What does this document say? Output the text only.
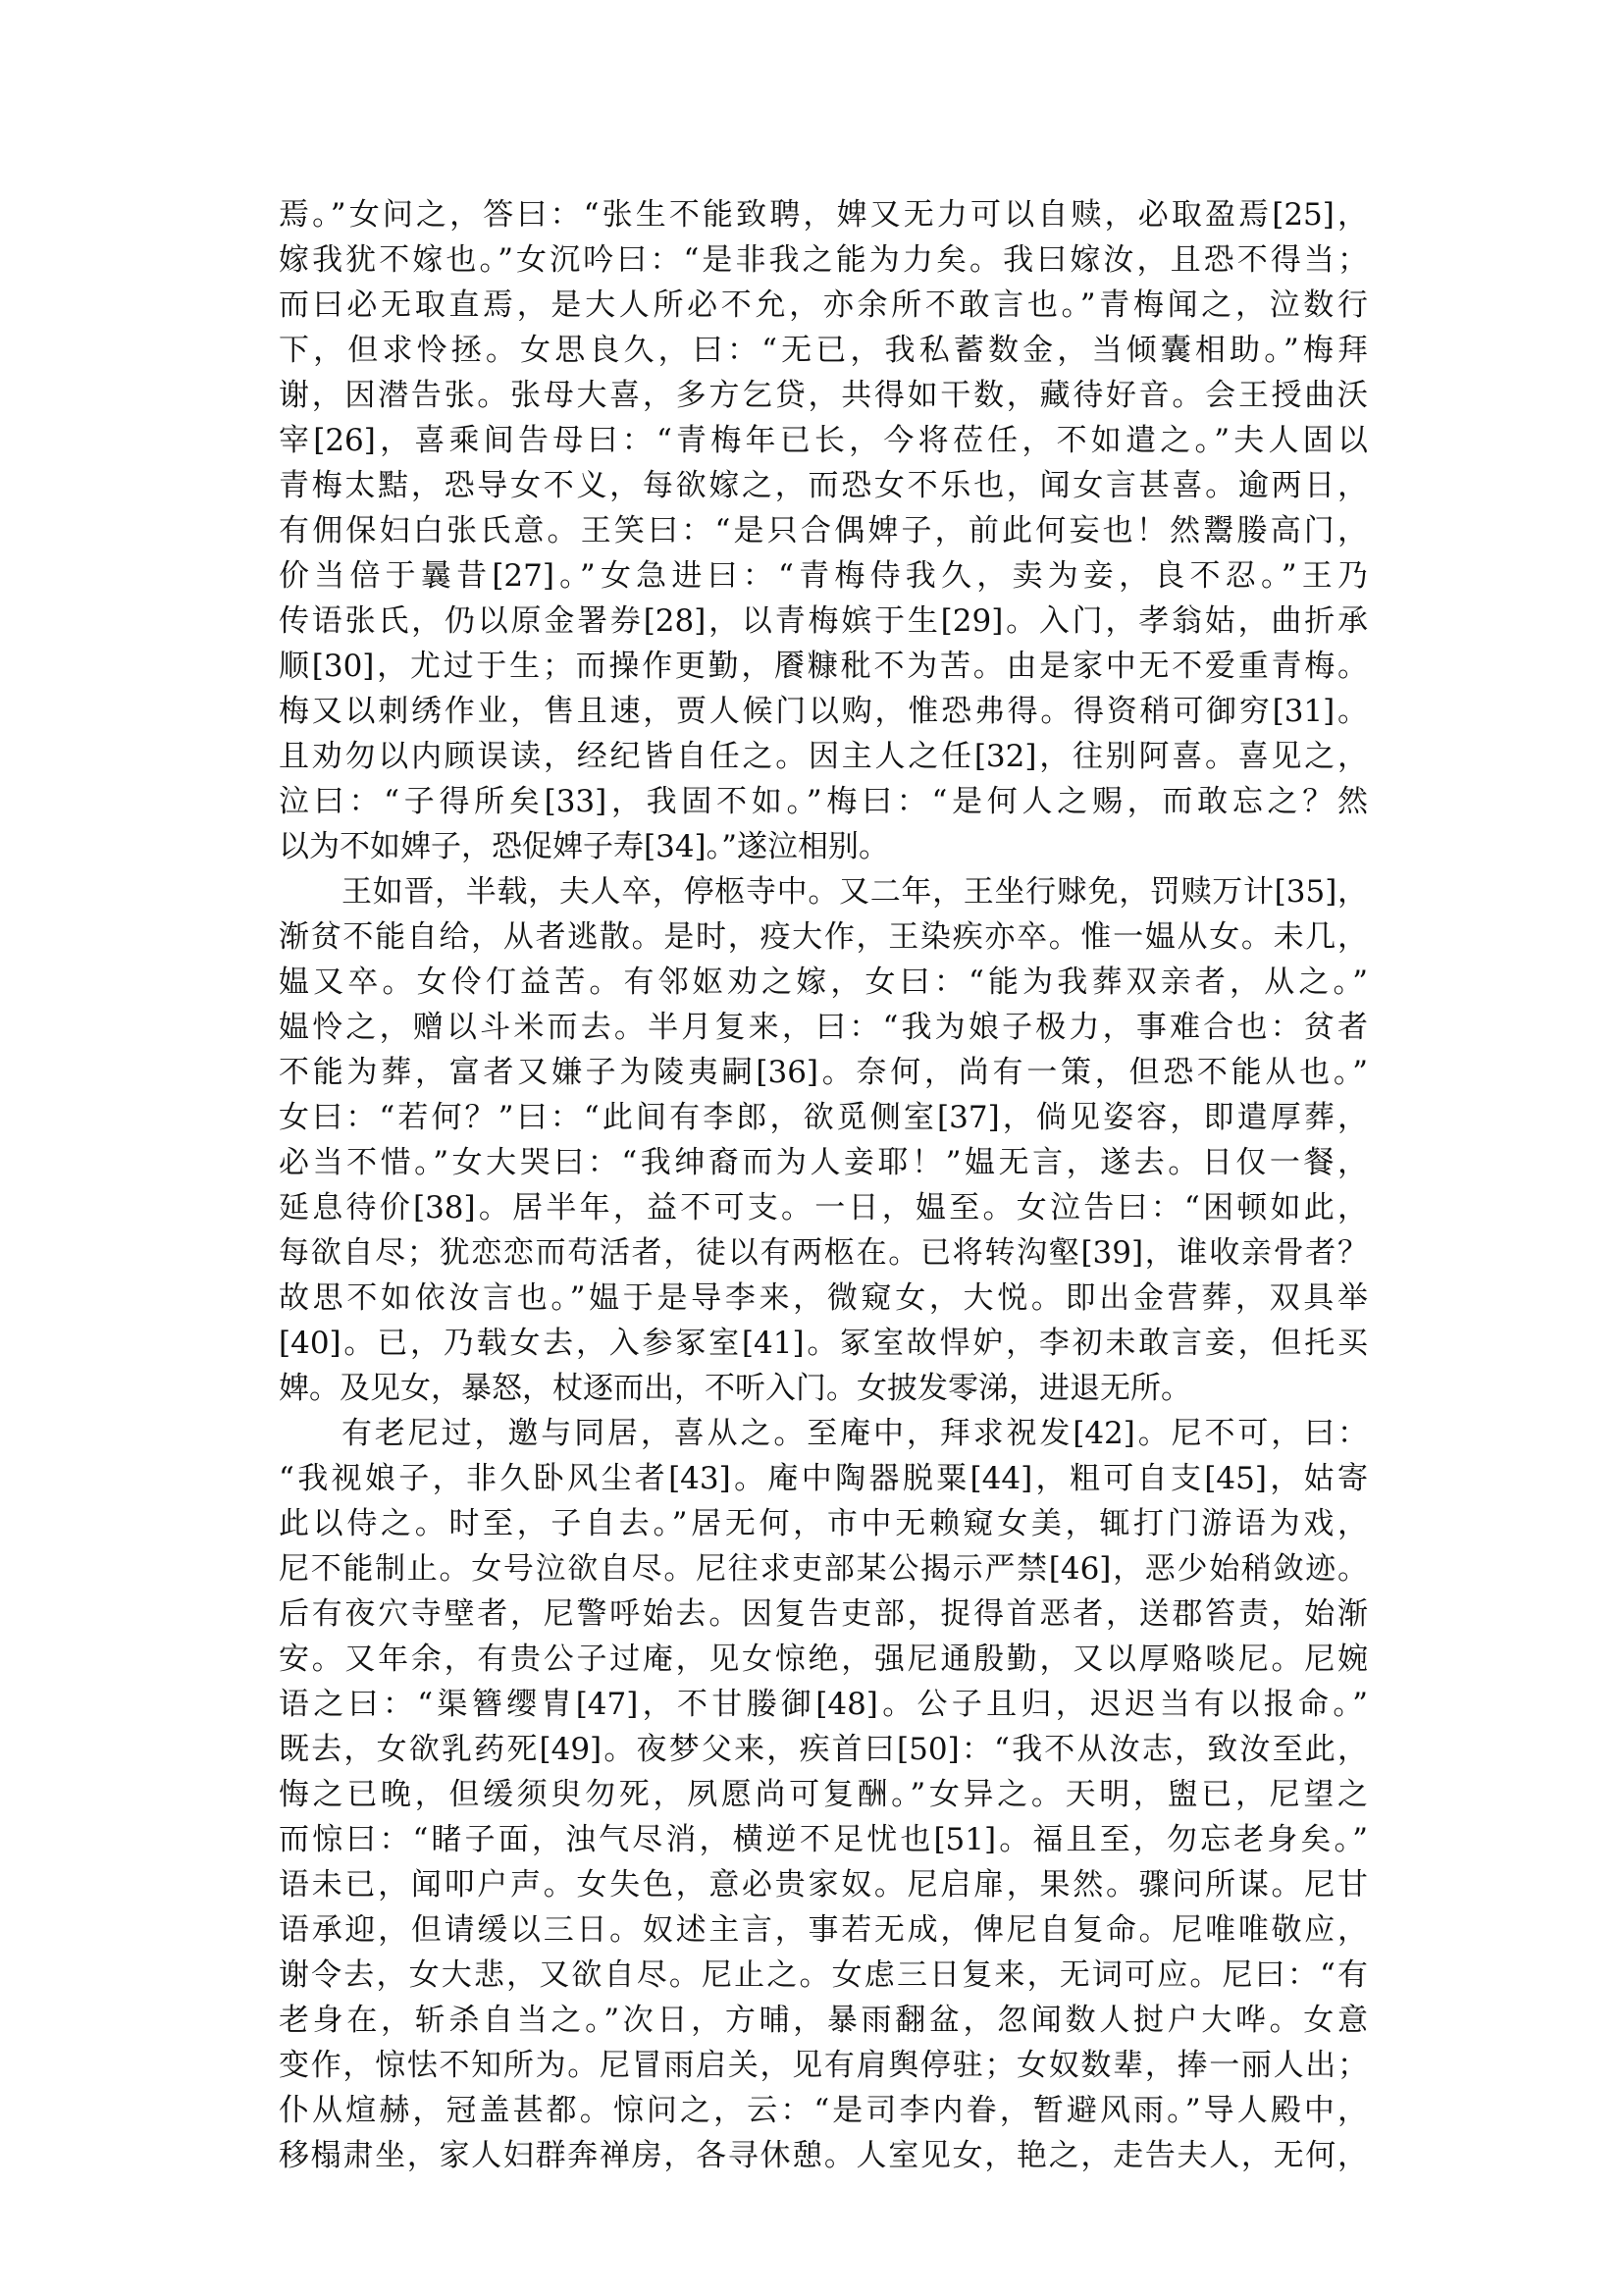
焉。”女问之，答曰：“张生不能致聘，婢又无力可以自赎，必取盈焉[25]，
嫁我犹不嫁也。”女沉吟曰：“是非我之能为力矣。我曰嫁汝，且恐不得当；
而曰必无取直焉，是大人所必不允，亦余所不敢言也。”青梅闻之，泣数行
下，但求怜拯。女思良久，曰：“无已，我私蓄数金，当倾囊相助。”梅拜
谢，因潜告张。张母大喜，多方乞贷，共得如干数，藏待好音。会王授曲沃
宰[26]，喜乘间告母曰：“青梅年已长，今将莅任，不如遣之。”夫人固以
青梅太黠，恐导女不义，每欲嫁之，而恐女不乐也，闻女言甚喜。逾两日，
有佣保妇白张氏意。王笑曰：“是只合偶婢子，前此何妄也！然鬻媵高门，
价当倍于曩昔[27]。”女急进曰：“青梅侍我久，卖为妾，良不忍。”王乃
传语张氏，仍以原金署券[28]，以青梅嫔于生[29]。入门，孝翁姑，曲折承
顺[30]，尤过于生；而操作更勤，餍糠秕不为苦。由是家中无不爱重青梅。
梅又以刺绣作业，售且速，贾人候门以购，惟恐弗得。得资稍可御穷[31]。
且劝勿以内顾误读，经纪皆自任之。因主人之任[32]，往别阿喜。喜见之，
泣曰：“子得所矣[33]，我固不如。”梅曰：“是何人之赐，而敢忘之？然
以为不如婢子，恐促婢子寿[34]。”遂泣相别。
王如晋，半载，夫人卒，停柩寺中。又二年，王坐行赇免，罚赎万计[35]，
渐贫不能自给，从者逃散。是时，疫大作，王染疾亦卒。惟一媪从女。未几，
媪又卒。女伶仃益苦。有邻妪劝之嫁，女曰：“能为我葬双亲者，从之。”
媪怜之，赠以斗米而去。半月复来，曰：“我为娘子极力，事难合也：贫者
不能为葬，富者又嫌子为陵夷嗣[36]。奈何，尚有一策，但恐不能从也。”
女曰：“若何？”曰：“此间有李郎，欲觅侧室[37]，倘见姿容，即遣厚葬，
必当不惜。”女大哭曰：“我绅裔而为人妾耶！”媪无言，遂去。日仅一餐，
延息待价[38]。居半年，益不可支。一日，媪至。女泣告曰：“困顿如此，
每欲自尽；犹恋恋而苟活者，徒以有两柩在。已将转沟壑[39]，谁收亲骨者？
故思不如依汝言也。”媪于是导李来，微窥女，大悦。即出金营葬，双具举
[40]。已，乃载女去，入参冢室[41]。冢室故悍妒，李初未敢言妾，但托买
婢。及见女，暴怒，杖逐而出，不听入门。女披发零涕，进退无所。
有老尼过，邀与同居，喜从之。至庵中，拜求祝发[42]。尼不可，曰：
“我视娘子，非久卧风尘者[43]。庵中陶器脱粟[44]，粗可自支[45]，姑寄
此以侍之。时至，子自去。”居无何，市中无赖窥女美，辄打门游语为戏，
尼不能制止。女号泣欲自尽。尼往求吏部某公揭示严禁[46]，恶少始稍敛迹。
后有夜穴寺壁者，尼警呼始去。因复告吏部，捉得首恶者，送郡笞责，始渐
安。又年余，有贵公子过庵，见女惊绝，强尼通殷勤，又以厚赂啖尼。尼婉
语之曰：“渠簪缨胄[47]，不甘媵御[48]。公子且归，迟迟当有以报命。”
既去，女欲乳药死[49]。夜梦父来，疾首曰[50]：“我不从汝志，致汝至此，
悔之已晚，但缓须臾勿死，夙愿尚可复酬。”女异之。天明，盥已，尼望之
而惊曰：“睹子面，浊气尽消，横逆不足忧也[51]。福且至，勿忘老身矣。”
语未已，闻叩户声。女失色，意必贵家奴。尼启扉，果然。骤问所谋。尼甘
语承迎，但请缓以三日。奴述主言，事若无成，俾尼自复命。尼唯唯敬应，
谢令去，女大悲，又欲自尽。尼止之。女虑三日复来，无词可应。尼曰：“有
老身在，斩杀自当之。”次日，方晡，暴雨翻盆，忽闻数人挝户大哗。女意
变作，惊怯不知所为。尼冒雨启关，见有肩舆停驻；女奴数辈，捧一丽人出；
仆从煊赫，冠盖甚都。惊问之，云：“是司李内眷，暂避风雨。”导人殿中，
移榻肃坐，家人妇群奔禅房，各寻休憩。人室见女，艳之，走告夫人，无何，
